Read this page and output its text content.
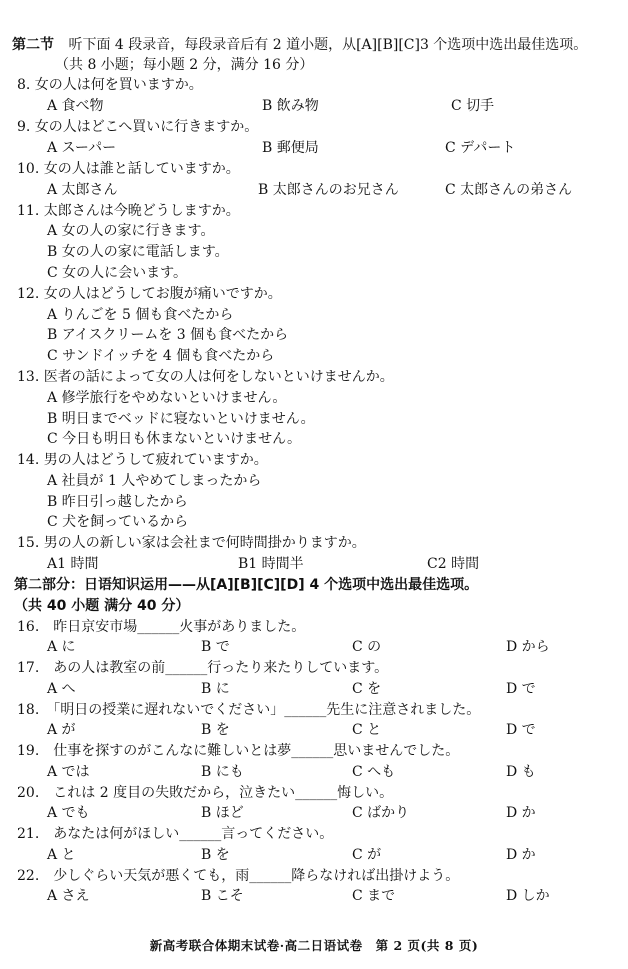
第二节 听下面 4 段录音，每段录音后有 2 道小题，从[A][B][C]3 个选项中选出最佳选项。
（共 8 小题；每小题 2 分，满分 16 分）
8. 女の人は何を買いますか。
A 食べ物	B 飲み物	C 切手
9. 女の人はどこへ買いに行きますか。
A スーパー	B 郵便局	C デパート
10. 女の人は誰と話していますか。
A 太郎さん	B 太郎さんのお兄さん	C 太郎さんの弟さん
11. 太郎さんは今晩どうしますか。
A 女の人の家に行きます。
B 女の人の家に電話します。
C 女の人に会います。
12. 女の人はどうしてお腹が痛いですか。
A りんごを 5 個も食べたから
B アイスクリームを 3 個も食べたから
C サンドイッチを 4 個も食べたから
13. 医者の話によって女の人は何をしないといけませんか。
A 修学旅行をやめないといけません。
B 明日までベッドに寝ないといけません。
C 今日も明日も休まないといけません。
14. 男の人はどうして疲れていますか。
A 社員が 1 人やめてしまったから
B 昨日引っ越したから
C 犬を飼っているから
15. 男の人の新しい家は会社まで何時間掛かりますか。
A1 時間	B1 時間半	C2 時間
第二部分：日语知识运用——从[A][B][C][D] 4 个选项中选出最佳选项。
（共 40 小题 满分 40 分）
16.　昨日京安市場______火事がありました。
A に	B で	C の	D から
17.　あの人は教室の前______行ったり来たりしています。
A へ	B に	C を	D で
18.　「明日の授業に遅れないでください」______先生に注意されました。
A が	B を	C と	D で
19.　仕事を探すのがこんなに難しいとは夢______思いませんでした。
A では	B にも	C へも	D も
20.　これは 2 度目の失敗だから，泣きたい______悔しい。
A でも	B ほど	C ばかり	D か
21.　あなたは何がほしい______言ってください。
A と	B を	C が	D か
22.　少しぐらい天気が悪くても，雨______降らなければ出掛けよう。
A さえ	B こそ	C まで	D しか
新高考联合体期末试卷·高二日语试卷　第 2 页(共 8 页)
